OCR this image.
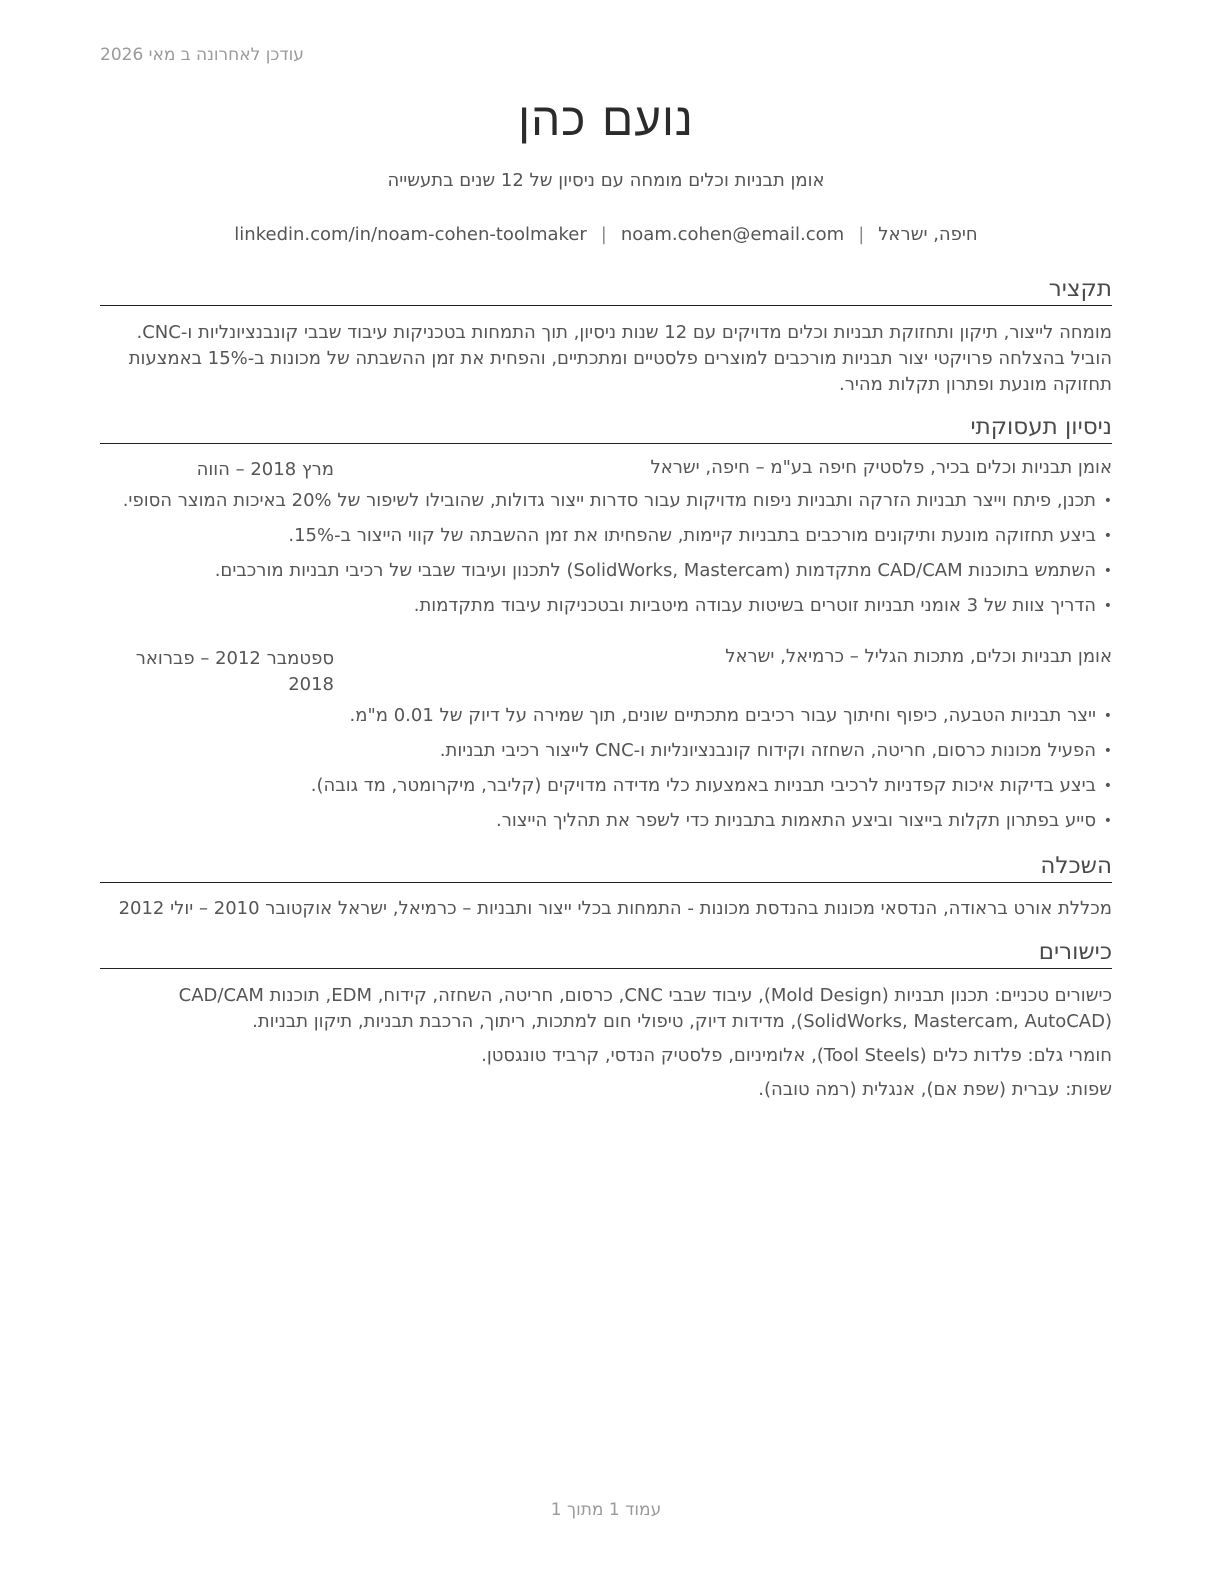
עודכן לאחרונה ב מאי 2026
נועם כהן
אומן תבניות וכלים מומחה עם ניסיון של 12 שנים בתעשייה
חיפה, ישראל|noam.cohen@email.com|linkedin.com/in/noam-cohen-toolmaker
תקציר
מומחה לייצור, תיקון ותחזוקת תבניות וכלים מדויקים עם 12 שנות ניסיון, תוך התמחות בטכניקות עיבוד שבבי קונבנציונליות ו-CNC. הוביל בהצלחה פרויקטי יצור תבניות מורכבים למוצרים פלסטיים ומתכתיים, והפחית את זמן ההשבתה של מכונות ב-15% באמצעות תחזוקה מונעת ופתרון תקלות מהיר.
ניסיון תעסוקתי
אומן תבניות וכלים בכיר, פלסטיק חיפה בע"מ – חיפה, ישראל
מרץ 2018 – הווה
• תכנן, פיתח וייצר תבניות הזרקה ותבניות ניפוח מדויקות עבור סדרות ייצור גדולות, שהובילו לשיפור של 20% באיכות המוצר הסופי.
• ביצע תחזוקה מונעת ותיקונים מורכבים בתבניות קיימות, שהפחיתו את זמן ההשבתה של קווי הייצור ב-15%.
• השתמש בתוכנות CAD/CAM מתקדמות (SolidWorks, Mastercam) לתכנון ועיבוד שבבי של רכיבי תבניות מורכבים.
• הדריך צוות של 3 אומני תבניות זוטרים בשיטות עבודה מיטביות ובטכניקות עיבוד מתקדמות.
אומן תבניות וכלים, מתכות הגליל – כרמיאל, ישראל
ספטמבר 2012 – פברואר 2018
• ייצר תבניות הטבעה, כיפוף וחיתוך עבור רכיבים מתכתיים שונים, תוך שמירה על דיוק של 0.01 מ"מ.
• הפעיל מכונות כרסום, חריטה, השחזה וקידוח קונבנציונליות ו-CNC לייצור רכיבי תבניות.
• ביצע בדיקות איכות קפדניות לרכיבי תבניות באמצעות כלי מדידה מדויקים (קליבר, מיקרומטר, מד גובה).
• סייע בפתרון תקלות בייצור וביצע התאמות בתבניות כדי לשפר את תהליך הייצור.
השכלה
מכללת אורט בראודה, הנדסאי מכונות בהנדסת מכונות - התמחות בכלי ייצור ותבניות – כרמיאל, ישראל אוקטובר 2010 – יולי 2012
כישורים

כישורים טכניים: תכנון תבניות (Mold Design), עיבוד שבבי CNC, כרסום, חריטה, השחזה, קידוח, EDM, תוכנות CAD/CAM (SolidWorks, Mastercam, AutoCAD), מדידות דיוק, טיפולי חום למתכות, ריתוך, הרכבת תבניות, תיקון תבניות.

חומרי גלם: פלדות כלים (Tool Steels), אלומיניום, פלסטיק הנדסי, קרביד טונגסטן.

שפות: עברית (שפת אם), אנגלית (רמה טובה).

עמוד 1 מתוך 1
